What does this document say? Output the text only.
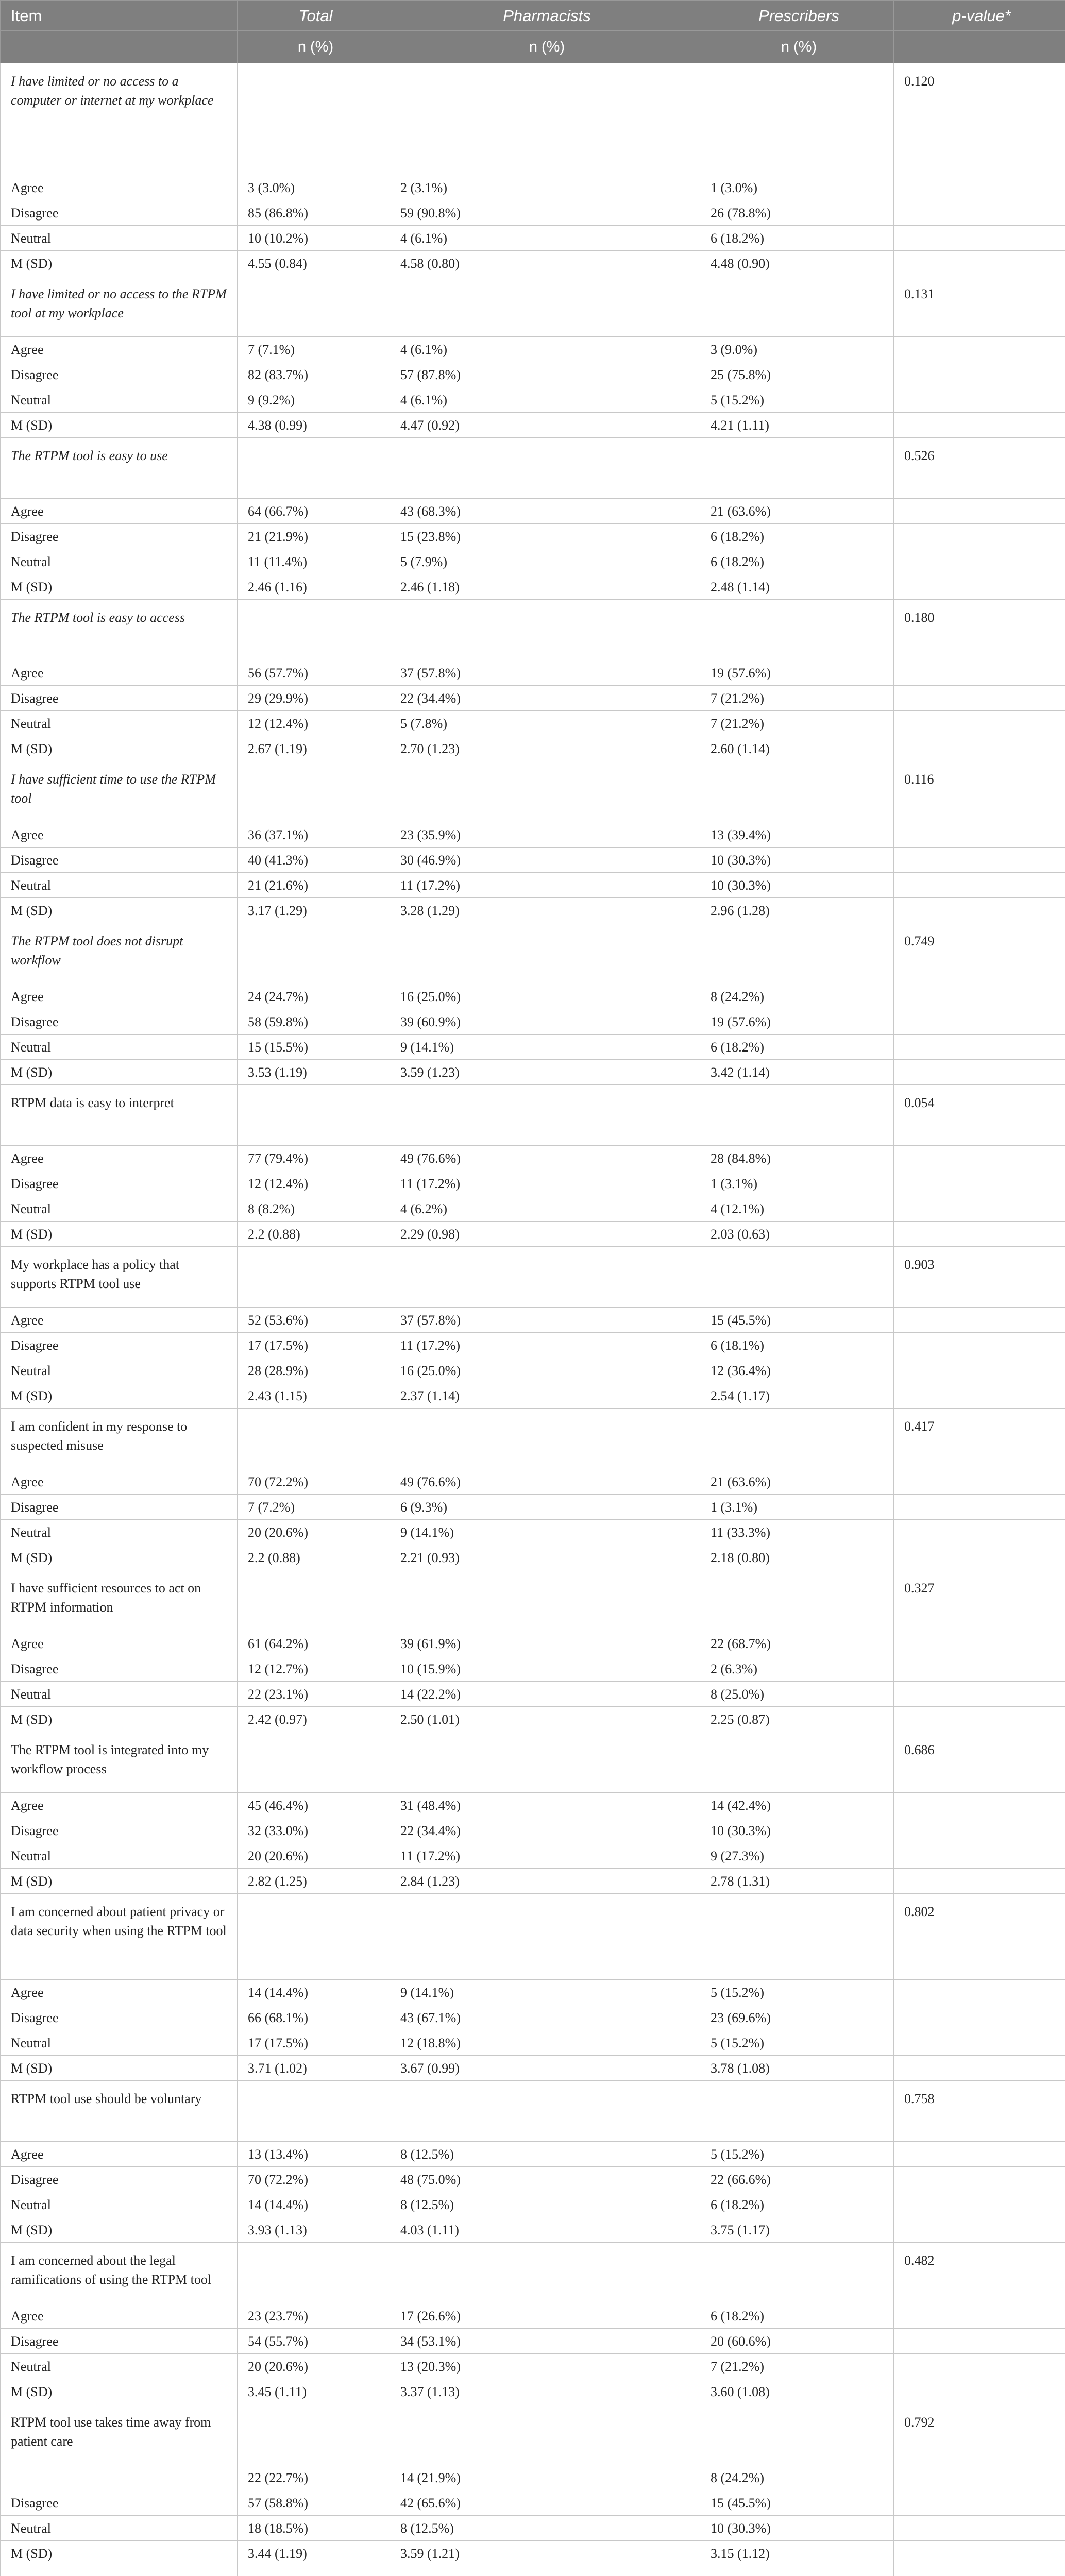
Item	Total	Pharmacists	Prescribers	p-value*
	n (%)	n (%)	n (%)	
I have limited or no access to a computer or internet at my workplace				0.120
Agree	3 (3.0%)	2 (3.1%)	1 (3.0%)	
Disagree	85 (86.8%)	59 (90.8%)	26 (78.8%)	
Neutral	10 (10.2%)	4 (6.1%)	6 (18.2%)	
M (SD)	4.55 (0.84)	4.58 (0.80)	4.48 (0.90)	
I have limited or no access to the RTPM tool at my workplace				0.131
Agree	7 (7.1%)	4 (6.1%)	3 (9.0%)	
Disagree	82 (83.7%)	57 (87.8%)	25 (75.8%)	
Neutral	9 (9.2%)	4 (6.1%)	5 (15.2%)	
M (SD)	4.38 (0.99)	4.47 (0.92)	4.21 (1.11)	
The RTPM tool is easy to use				0.526
Agree	64 (66.7%)	43 (68.3%)	21 (63.6%)	
Disagree	21 (21.9%)	15 (23.8%)	6 (18.2%)	
Neutral	11 (11.4%)	5 (7.9%)	6 (18.2%)	
M (SD)	2.46 (1.16)	2.46 (1.18)	2.48 (1.14)	
The RTPM tool is easy to access				0.180
Agree	56 (57.7%)	37 (57.8%)	19 (57.6%)	
Disagree	29 (29.9%)	22 (34.4%)	7 (21.2%)	
Neutral	12 (12.4%)	5 (7.8%)	7 (21.2%)	
M (SD)	2.67 (1.19)	2.70 (1.23)	2.60 (1.14)	
I have sufficient time to use the RTPM tool				0.116
Agree	36 (37.1%)	23 (35.9%)	13 (39.4%)	
Disagree	40 (41.3%)	30 (46.9%)	10 (30.3%)	
Neutral	21 (21.6%)	11 (17.2%)	10 (30.3%)	
M (SD)	3.17 (1.29)	3.28 (1.29)	2.96 (1.28)	
The RTPM tool does not disrupt workflow				0.749
Agree	24 (24.7%)	16 (25.0%)	8 (24.2%)	
Disagree	58 (59.8%)	39 (60.9%)	19 (57.6%)	
Neutral	15 (15.5%)	9 (14.1%)	6 (18.2%)	
M (SD)	3.53 (1.19)	3.59 (1.23)	3.42 (1.14)	
RTPM data is easy to interpret				0.054
Agree	77 (79.4%)	49 (76.6%)	28 (84.8%)	
Disagree	12 (12.4%)	11 (17.2%)	1 (3.1%)	
Neutral	8 (8.2%)	4 (6.2%)	4 (12.1%)	
M (SD)	2.2 (0.88)	2.29 (0.98)	2.03 (0.63)	
My workplace has a policy that supports RTPM tool use				0.903
Agree	52 (53.6%)	37 (57.8%)	15 (45.5%)	
Disagree	17 (17.5%)	11 (17.2%)	6 (18.1%)	
Neutral	28 (28.9%)	16 (25.0%)	12 (36.4%)	
M (SD)	2.43 (1.15)	2.37 (1.14)	2.54 (1.17)	
I am confident in my response to suspected misuse				0.417
Agree	70 (72.2%)	49 (76.6%)	21 (63.6%)	
Disagree	7 (7.2%)	6 (9.3%)	1 (3.1%)	
Neutral	20 (20.6%)	9 (14.1%)	11 (33.3%)	
M (SD)	2.2 (0.88)	2.21 (0.93)	2.18 (0.80)	
I have sufficient resources to act on RTPM information				0.327
Agree	61 (64.2%)	39 (61.9%)	22 (68.7%)	
Disagree	12 (12.7%)	10 (15.9%)	2 (6.3%)	
Neutral	22 (23.1%)	14 (22.2%)	8 (25.0%)	
M (SD)	2.42 (0.97)	2.50 (1.01)	2.25 (0.87)	
The RTPM tool is integrated into my workflow process				0.686
Agree	45 (46.4%)	31 (48.4%)	14 (42.4%)	
Disagree	32 (33.0%)	22 (34.4%)	10 (30.3%)	
Neutral	20 (20.6%)	11 (17.2%)	9 (27.3%)	
M (SD)	2.82 (1.25)	2.84 (1.23)	2.78 (1.31)	
I am concerned about patient privacy or data security when using the RTPM tool				0.802
Agree	14 (14.4%)	9 (14.1%)	5 (15.2%)	
Disagree	66 (68.1%)	43 (67.1%)	23 (69.6%)	
Neutral	17 (17.5%)	12 (18.8%)	5 (15.2%)	
M (SD)	3.71 (1.02)	3.67 (0.99)	3.78 (1.08)	
RTPM tool use should be voluntary				0.758
Agree	13 (13.4%)	8 (12.5%)	5 (15.2%)	
Disagree	70 (72.2%)	48 (75.0%)	22 (66.6%)	
Neutral	14 (14.4%)	8 (12.5%)	6 (18.2%)	
M (SD)	3.93 (1.13)	4.03 (1.11)	3.75 (1.17)	
I am concerned about the legal ramifications of using the RTPM tool				0.482
Agree	23 (23.7%)	17 (26.6%)	6 (18.2%)	
Disagree	54 (55.7%)	34 (53.1%)	20 (60.6%)	
Neutral	20 (20.6%)	13 (20.3%)	7 (21.2%)	
M (SD)	3.45 (1.11)	3.37 (1.13)	3.60 (1.08)	
RTPM tool use takes time away from patient care				0.792
	22 (22.7%)	14 (21.9%)	8 (24.2%)	
Disagree	57 (58.8%)	42 (65.6%)	15 (45.5%)	
Neutral	18 (18.5%)	8 (12.5%)	10 (30.3%)	
M (SD)	3.44 (1.19)	3.59 (1.21)	3.15 (1.12)	
